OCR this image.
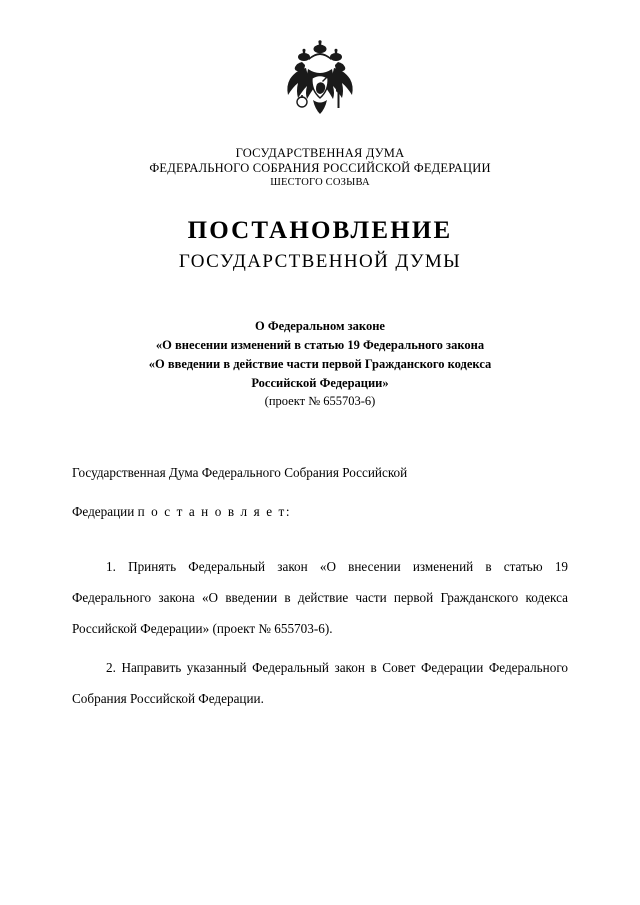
ГОСУДАРСТВЕННАЯ ДУМА
ФЕДЕРАЛЬНОГО СОБРАНИЯ РОССИЙСКОЙ ФЕДЕРАЦИИ
ШЕСТОГО СОЗЫВА
ПОСТАНОВЛЕНИЕ
ГОСУДАРСТВЕННОЙ ДУМЫ
О Федеральном законе
«О внесении изменений в статью 19 Федерального закона
«О введении в действие части первой Гражданского кодекса
Российской Федерации»
(проект № 655703-6)

Государственная Дума Федерального Собрания Российской

Федерации п о с т а н о в л я е т:

1. Принять Федеральный закон «О внесении изменений в статью 19 Федерального закона «О введении в действие части первой Гражданского кодекса Российской Федерации» (проект № 655703-6).

2. Направить указанный Федеральный закон в Совет Федерации Федерального Собрания Российской Федерации.
